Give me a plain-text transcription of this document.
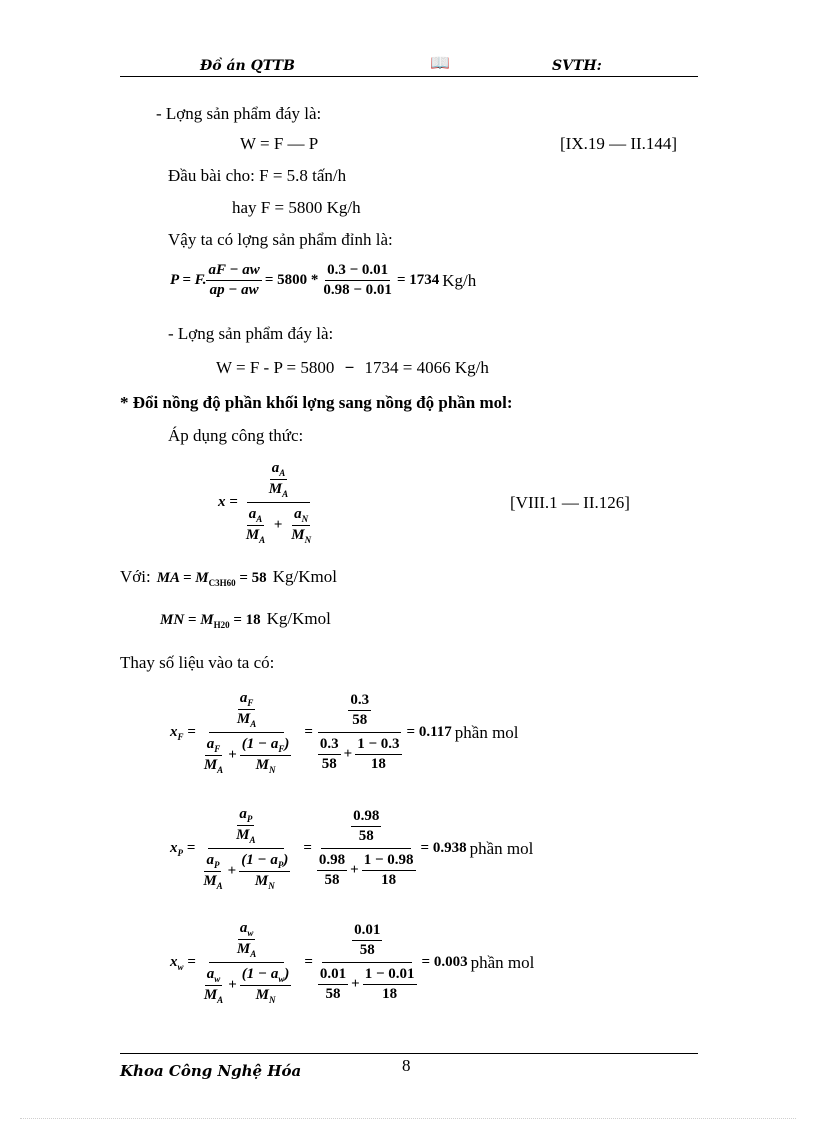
Đồ án QTTB	📖	SVTH:
- Lợng sản phẩm đáy là:
W = F — P	[IX.19 — II.144]
Đầu bài cho: F = 5.8 tấn/h
hay F = 5800 Kg/h
Vậy ta có lợng sản phẩm đỉnh là:
P = F. $\frac{aF - aw}{ap - aw} = 5800 * \frac{0.3 - 0.01}{0.98 - 0.01} = 1734$ Kg/h
- Lợng sản phẩm đáy là:
W = F - P = 5800 − 1734 = 4066 Kg/h
* Đổi nồng độ phần khối lợng sang nồng độ phần mol:
Áp dụng công thức:
$x = \frac{\frac{a_A}{M_A}}{\frac{a_A}{M_A} + \frac{a_N}{M_N}}$	[VIII.1 — II.126]
Với: MA = $M_{C3H60} = 58$ Kg/Kmol
MN = $M_{H20} = 18$ Kg/Kmol
Thay số liệu vào ta có:
$x_F = \frac{\frac{a_F}{M_A}}{\frac{a_F}{M_A} + \frac{(1 - a_F)}{M_N}} = \frac{\frac{0.3}{58}}{\frac{0.3}{58} + \frac{1 - 0.3}{18}} = 0.117$ phần mol
$x_P = \frac{\frac{a_P}{M_A}}{\frac{a_P}{M_A} + \frac{(1 - a_P)}{M_N}} = \frac{\frac{0.98}{58}}{\frac{0.98}{58} + \frac{1 - 0.98}{18}} = 0.938$ phần mol
$x_w = \frac{\frac{a_w}{M_A}}{\frac{a_w}{M_A} + \frac{(1 - a_w)}{M_N}} = \frac{\frac{0.01}{58}}{\frac{0.01}{58} + \frac{1 - 0.01}{18}} = 0.003$ phần mol
Khoa Công Nghệ Hóa	8
